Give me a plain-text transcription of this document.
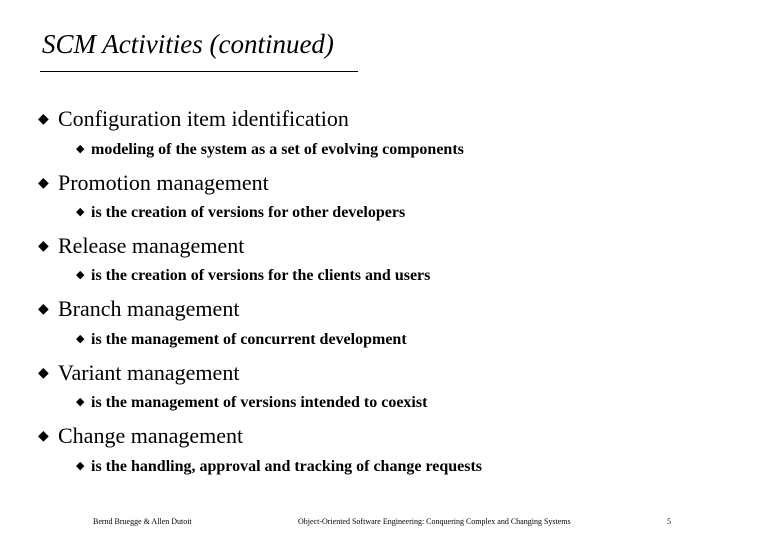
SCM Activities (continued)
◆ Configuration item identification
◆ modeling of the system as a set of evolving components
◆ Promotion management
◆ is the creation of versions for other developers
◆ Release management
◆ is the creation of versions for the clients and users
◆ Branch management
◆ is the management of concurrent development
◆ Variant management
◆ is the management of versions intended to coexist
◆ Change management
◆ is the handling, approval and tracking of change requests
Bernd Bruegge & Allen Dutoit	Object-Oriented Software Engineering: Conquering Complex and Changing Systems	5
